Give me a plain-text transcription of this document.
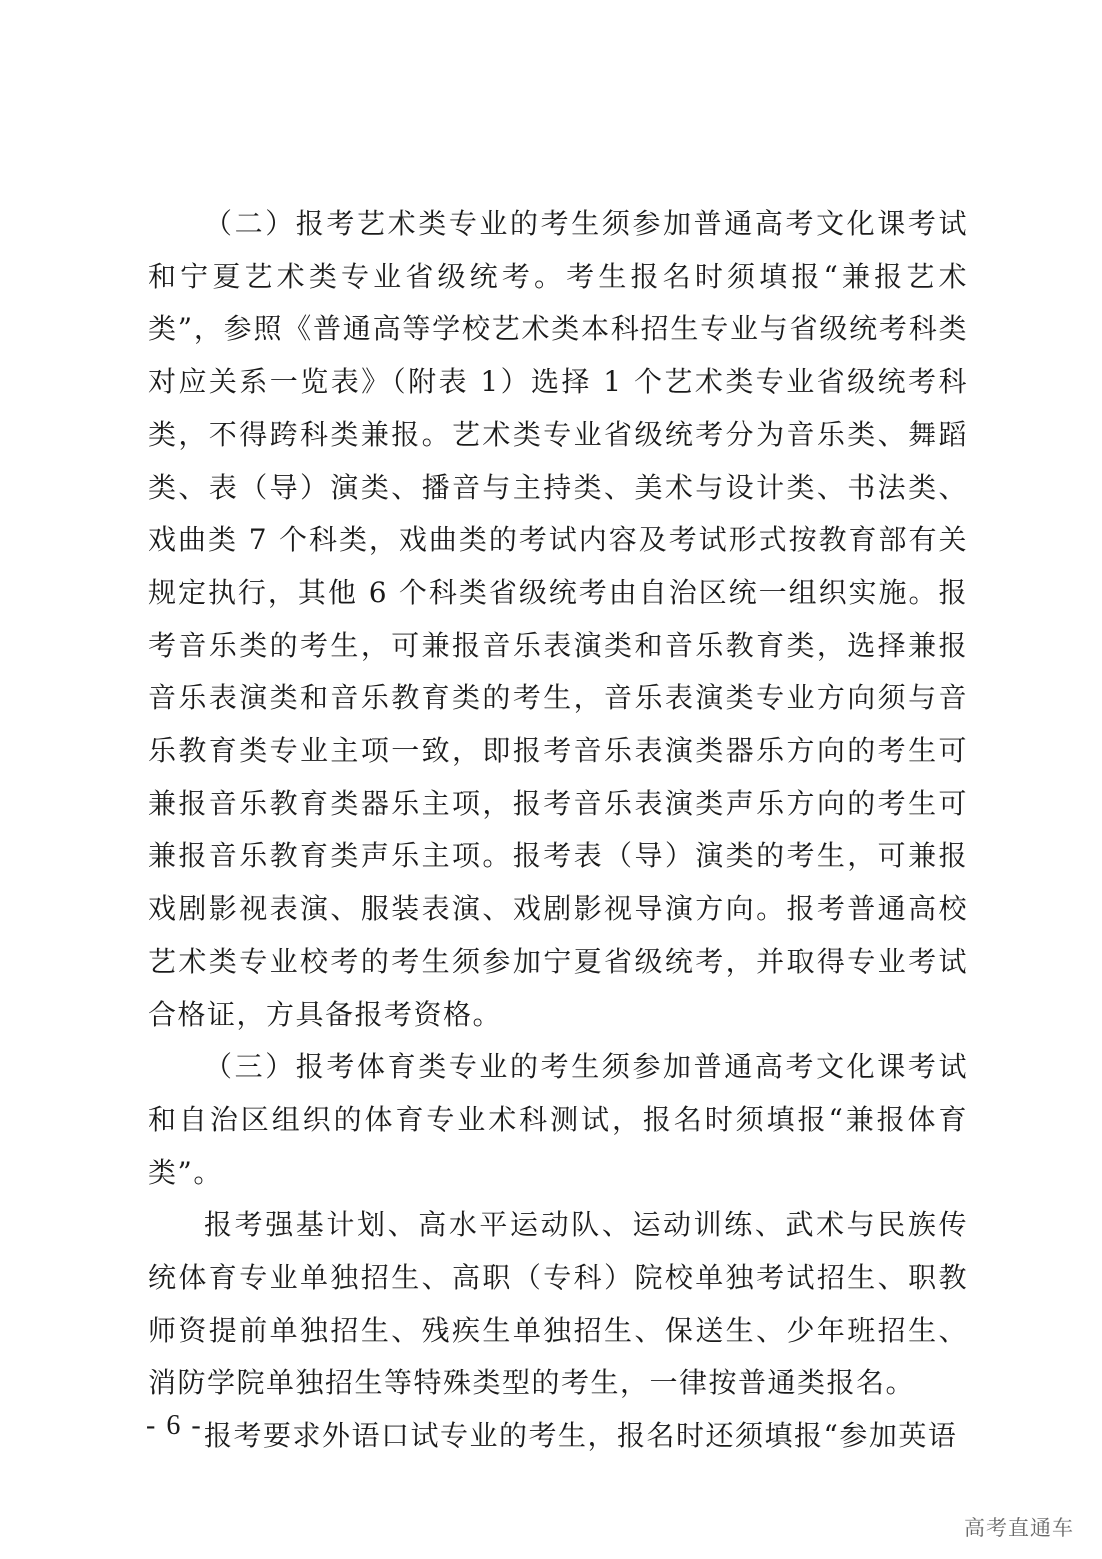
（二）报考艺术类专业的考生须参加普通高考文化课考试和宁夏艺术类专业省级统考。考生报名时须填报“兼报艺术类”，参照《普通高等学校艺术类本科招生专业与省级统考科类对应关系一览表》（附表 1）选择 1 个艺术类专业省级统考科类，不得跨科类兼报。艺术类专业省级统考分为音乐类、舞蹈类、表（导）演类、播音与主持类、美术与设计类、书法类、戏曲类 7 个科类，戏曲类的考试内容及考试形式按教育部有关规定执行，其他 6 个科类省级统考由自治区统一组织实施。报考音乐类的考生，可兼报音乐表演类和音乐教育类，选择兼报音乐表演类和音乐教育类的考生，音乐表演类专业方向须与音乐教育类专业主项一致，即报考音乐表演类器乐方向的考生可兼报音乐教育类器乐主项，报考音乐表演类声乐方向的考生可兼报音乐教育类声乐主项。报考表（导）演类的考生，可兼报戏剧影视表演、服装表演、戏剧影视导演方向。报考普通高校艺术类专业校考的考生须参加宁夏省级统考，并取得专业考试合格证，方具备报考资格。

（三）报考体育类专业的考生须参加普通高考文化课考试和自治区组织的体育专业术科测试，报名时须填报“兼报体育类”。

报考强基计划、高水平运动队、运动训练、武术与民族传统体育专业单独招生、高职（专科）院校单独考试招生、职教师资提前单独招生、残疾生单独招生、保送生、少年班招生、消防学院单独招生等特殊类型的考生，一律按普通类报名。

报考要求外语口试专业的考生，报名时还须填报“参加英语

- 6 -
高考直通车
